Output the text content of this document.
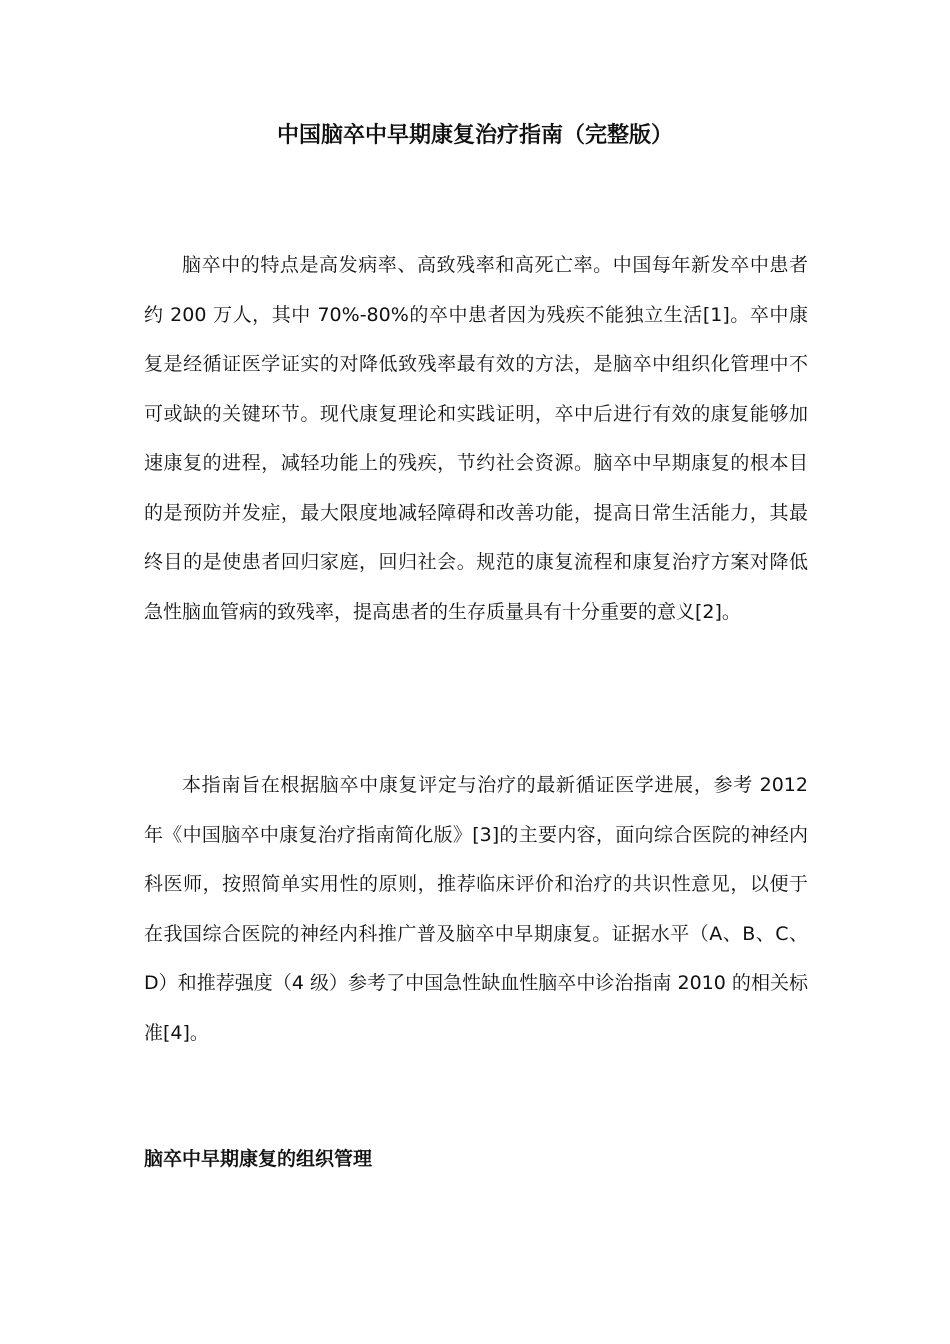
中国脑卒中早期康复治疗指南（完整版）

脑卒中的特点是高发病率、高致残率和高死亡率。中国每年新发卒中患者约 200 万人，其中 70%-80%的卒中患者因为残疾不能独立生活[1]。卒中康复是经循证医学证实的对降低致残率最有效的方法，是脑卒中组织化管理中不可或缺的关键环节。现代康复理论和实践证明，卒中后进行有效的康复能够加速康复的进程，减轻功能上的残疾，节约社会资源。脑卒中早期康复的根本目的是预防并发症，最大限度地减轻障碍和改善功能，提高日常生活能力，其最终目的是使患者回归家庭，回归社会。规范的康复流程和康复治疗方案对降低急性脑血管病的致残率，提高患者的生存质量具有十分重要的意义[2]。

本指南旨在根据脑卒中康复评定与治疗的最新循证医学进展，参考 2012 年《中国脑卒中康复治疗指南简化版》[3]的主要内容，面向综合医院的神经内科医师，按照简单实用性的原则，推荐临床评价和治疗的共识性意见，以便于在我国综合医院的神经内科推广普及脑卒中早期康复。证据水平（A、B、C、D）和推荐强度（4 级）参考了中国急性缺血性脑卒中诊治指南 2010 的相关标准[4]。

脑卒中早期康复的组织管理
